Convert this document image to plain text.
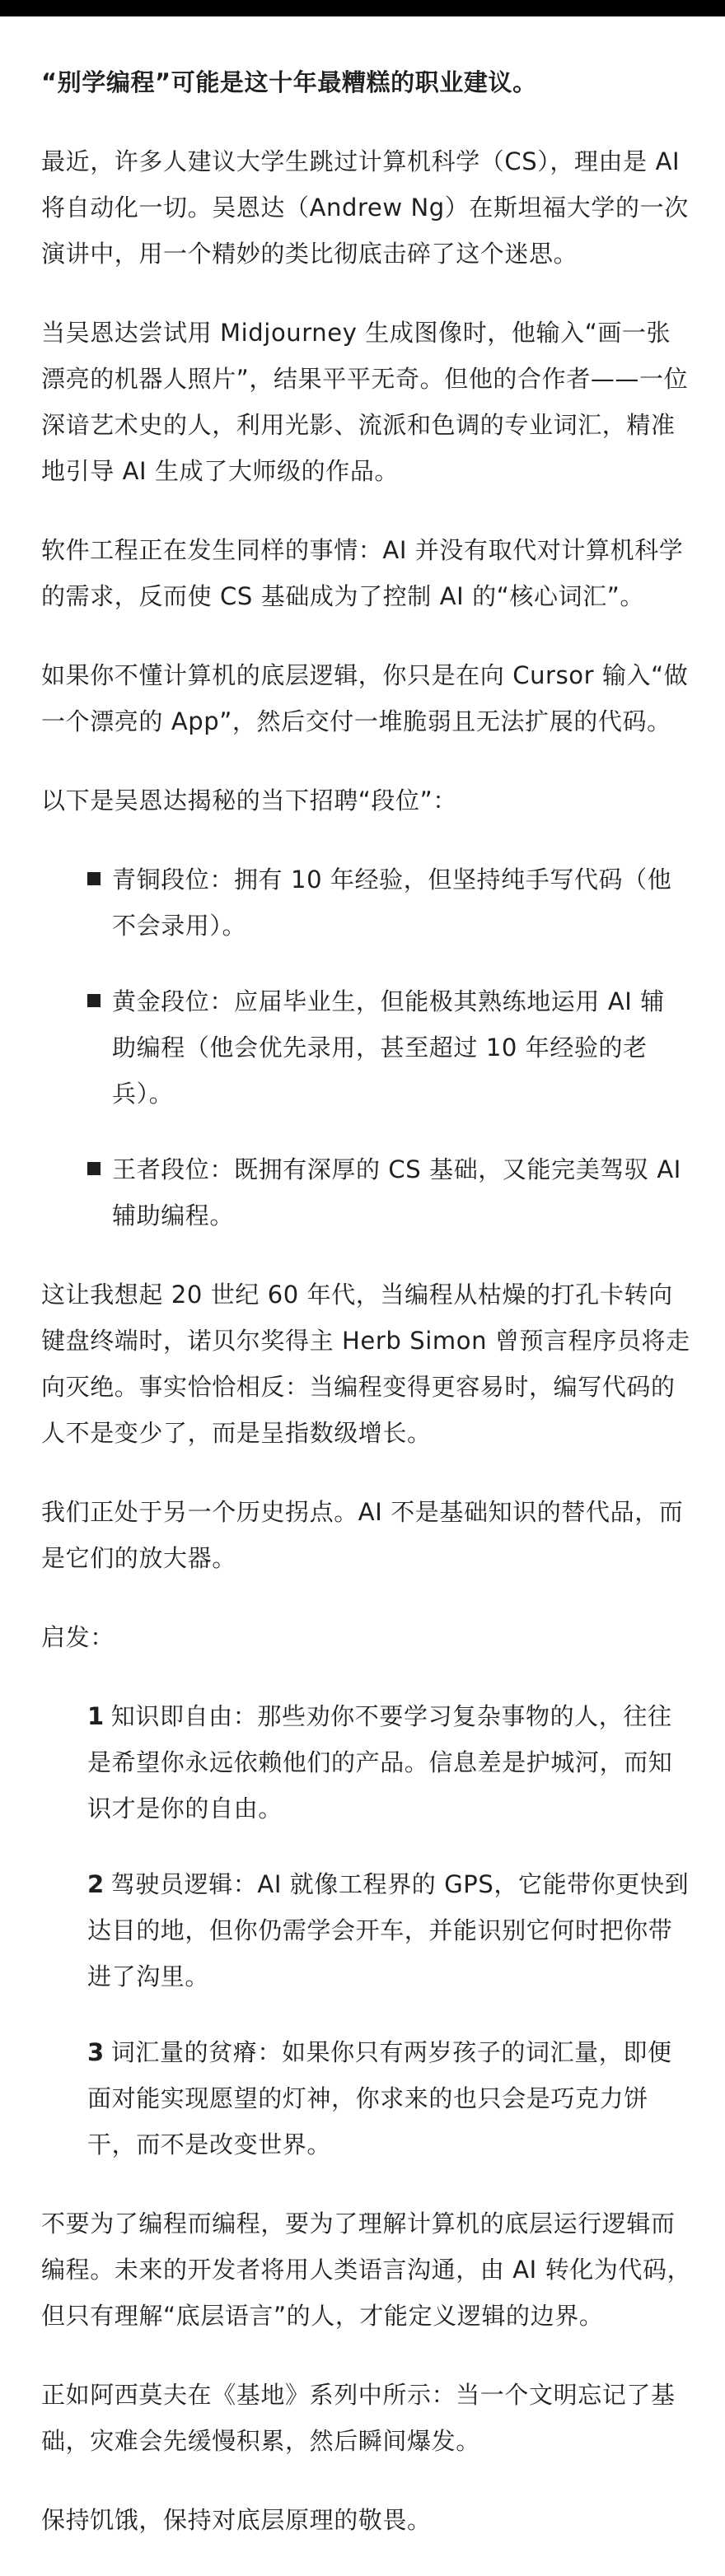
“别学编程”可能是这十年最糟糕的职业建议。

最近，许多人建议大学生跳过计算机科学（CS），理由是 AI 将自动化一切。吴恩达（Andrew Ng）在斯坦福大学的一次演讲中，用一个精妙的类比彻底击碎了这个迷思。

当吴恩达尝试用 Midjourney 生成图像时，他输入“画一张漂亮的机器人照片”，结果平平无奇。但他的合作者——一位深谙艺术史的人，利用光影、流派和色调的专业词汇，精准地引导 AI 生成了大师级的作品。

软件工程正在发生同样的事情：AI 并没有取代对计算机科学的需求，反而使 CS 基础成为了控制 AI 的“核心词汇”。

如果你不懂计算机的底层逻辑，你只是在向 Cursor 输入“做一个漂亮的 App”，然后交付一堆脆弱且无法扩展的代码。

以下是吴恩达揭秘的当下招聘“段位”：

青铜段位：拥有 10 年经验，但坚持纯手写代码（他不会录用）。
黄金段位：应届毕业生，但能极其熟练地运用 AI 辅助编程（他会优先录用，甚至超过 10 年经验的老兵）。
王者段位：既拥有深厚的 CS 基础，又能完美驾驭 AI 辅助编程。

这让我想起 20 世纪 60 年代，当编程从枯燥的打孔卡转向键盘终端时，诺贝尔奖得主 Herb Simon 曾预言程序员将走向灭绝。事实恰恰相反：当编程变得更容易时，编写代码的人不是变少了，而是呈指数级增长。

我们正处于另一个历史拐点。AI 不是基础知识的替代品，而是它们的放大器。

启发：

1 知识即自由：那些劝你不要学习复杂事物的人，往往是希望你永远依赖他们的产品。信息差是护城河，而知识才是你的自由。
2 驾驶员逻辑：AI 就像工程界的 GPS，它能带你更快到达目的地，但你仍需学会开车，并能识别它何时把你带进了沟里。
3 词汇量的贫瘠：如果你只有两岁孩子的词汇量，即便面对能实现愿望的灯神，你求来的也只会是巧克力饼干，而不是改变世界。

不要为了编程而编程，要为了理解计算机的底层运行逻辑而编程。未来的开发者将用人类语言沟通，由 AI 转化为代码，但只有理解“底层语言”的人，才能定义逻辑的边界。

正如阿西莫夫在《基地》系列中所示：当一个文明忘记了基础，灾难会先缓慢积累，然后瞬间爆发。

保持饥饿，保持对底层原理的敬畏。
